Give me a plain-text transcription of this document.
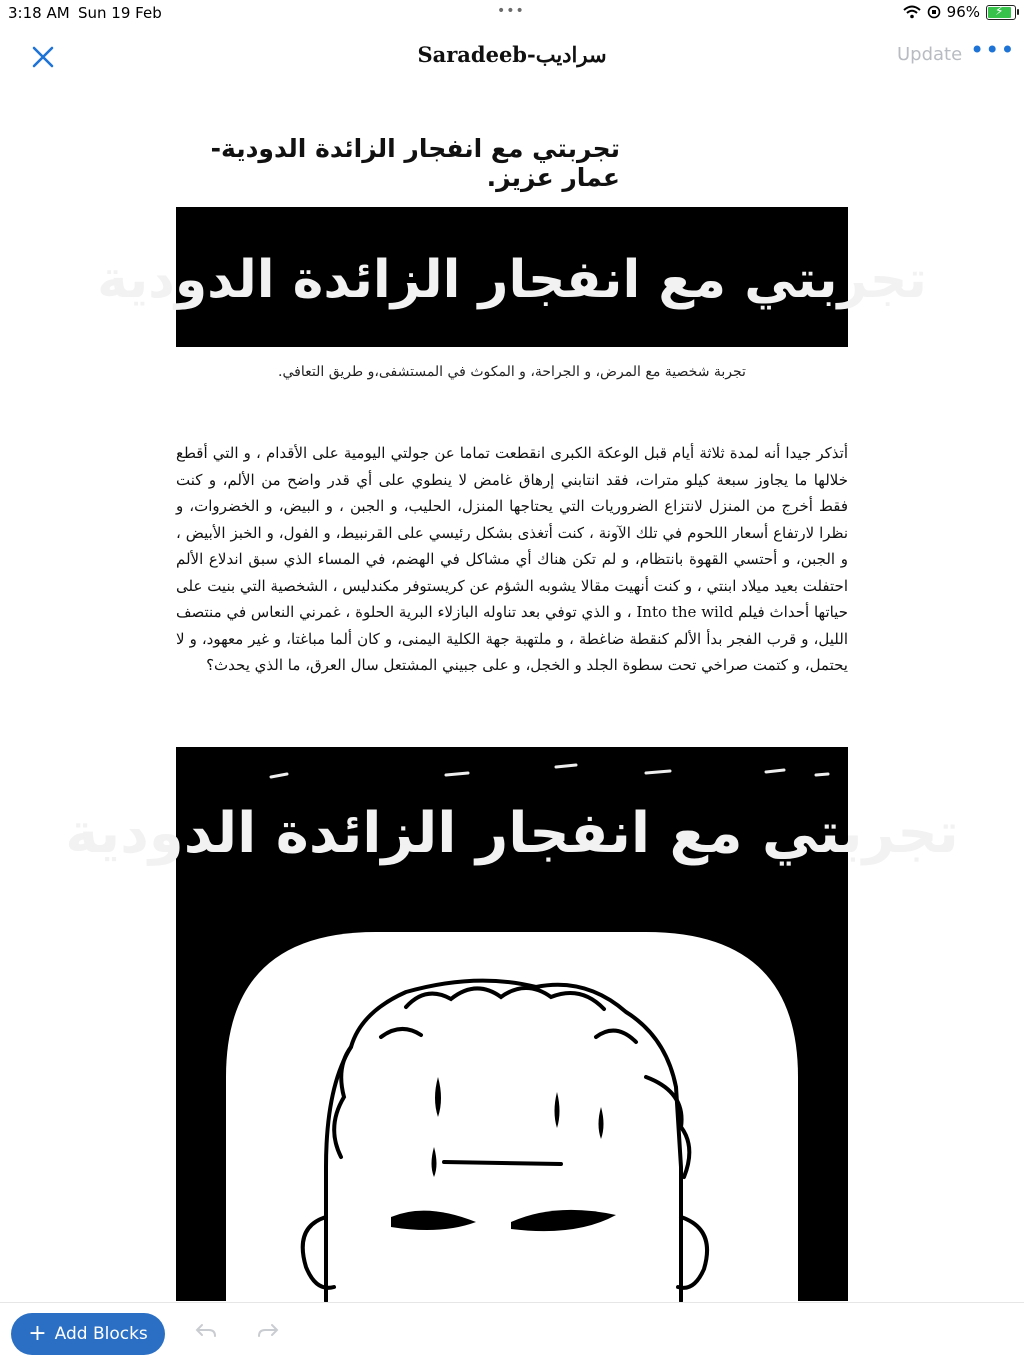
3:18 AM Sun 19 Feb	•••	96% ⚡
Saradeeb-سراديب	Update •••
تجربتي مع انفجار الزائدة الدودية- عمار عزيز.
تجربتي مع انفجار الزائدة الدودية
تجربة شخصية مع المرض، و الجراحة، و المكوث في المستشفى،و طريق التعافي.
أتذكر جيدا أنه لمدة ثلاثة أيام قبل الوعكة الكبرى انقطعت تماما عن جولتي اليومية على الأقدام ، و التي أقطع خلالها ما يجاوز سبعة كيلو مترات، فقد انتابني إرهاق غامض لا ينطوي على أي قدر واضح من الألم، و كنت فقط أخرج من المنزل لانتزاع الضروريات التي يحتاجها المنزل، الحليب، و الجبن ، و البيض، و الخضروات، و نظرا لارتفاع أسعار اللحوم في تلك الآونة ، كنت أتغذى بشكل رئيسي على القرنبيط، و الفول، و الخبز الأبيض ، و الجبن، و أحتسي القهوة بانتظام، و لم تكن هناك أي مشاكل في الهضم، في المساء الذي سبق اندلاع الألم احتفلت بعيد ميلاد ابنتي ، و كنت أنهيت مقالا يشوبه الشؤم عن كريستوفر مكندليس ، الشخصية التي بنيت على حياتها أحداث فيلم Into the wild ، و الذي توفي بعد تناوله البازلاء البرية الحلوة ، غمرني النعاس في منتصف الليل، و قرب الفجر بدأ الألم كنقطة ضاغطة ، و ملتهبة جهة الكلية اليمنى، و كان ألما مباغتا، و غير معهود، و لا يحتمل، و كتمت صراخي تحت سطوة الجلد و الخجل، و على جبيني المشتعل سال العرق، ما الذي يحدث؟
تجربتي مع انفجار الزائدة الدودية
+ Add Blocks
